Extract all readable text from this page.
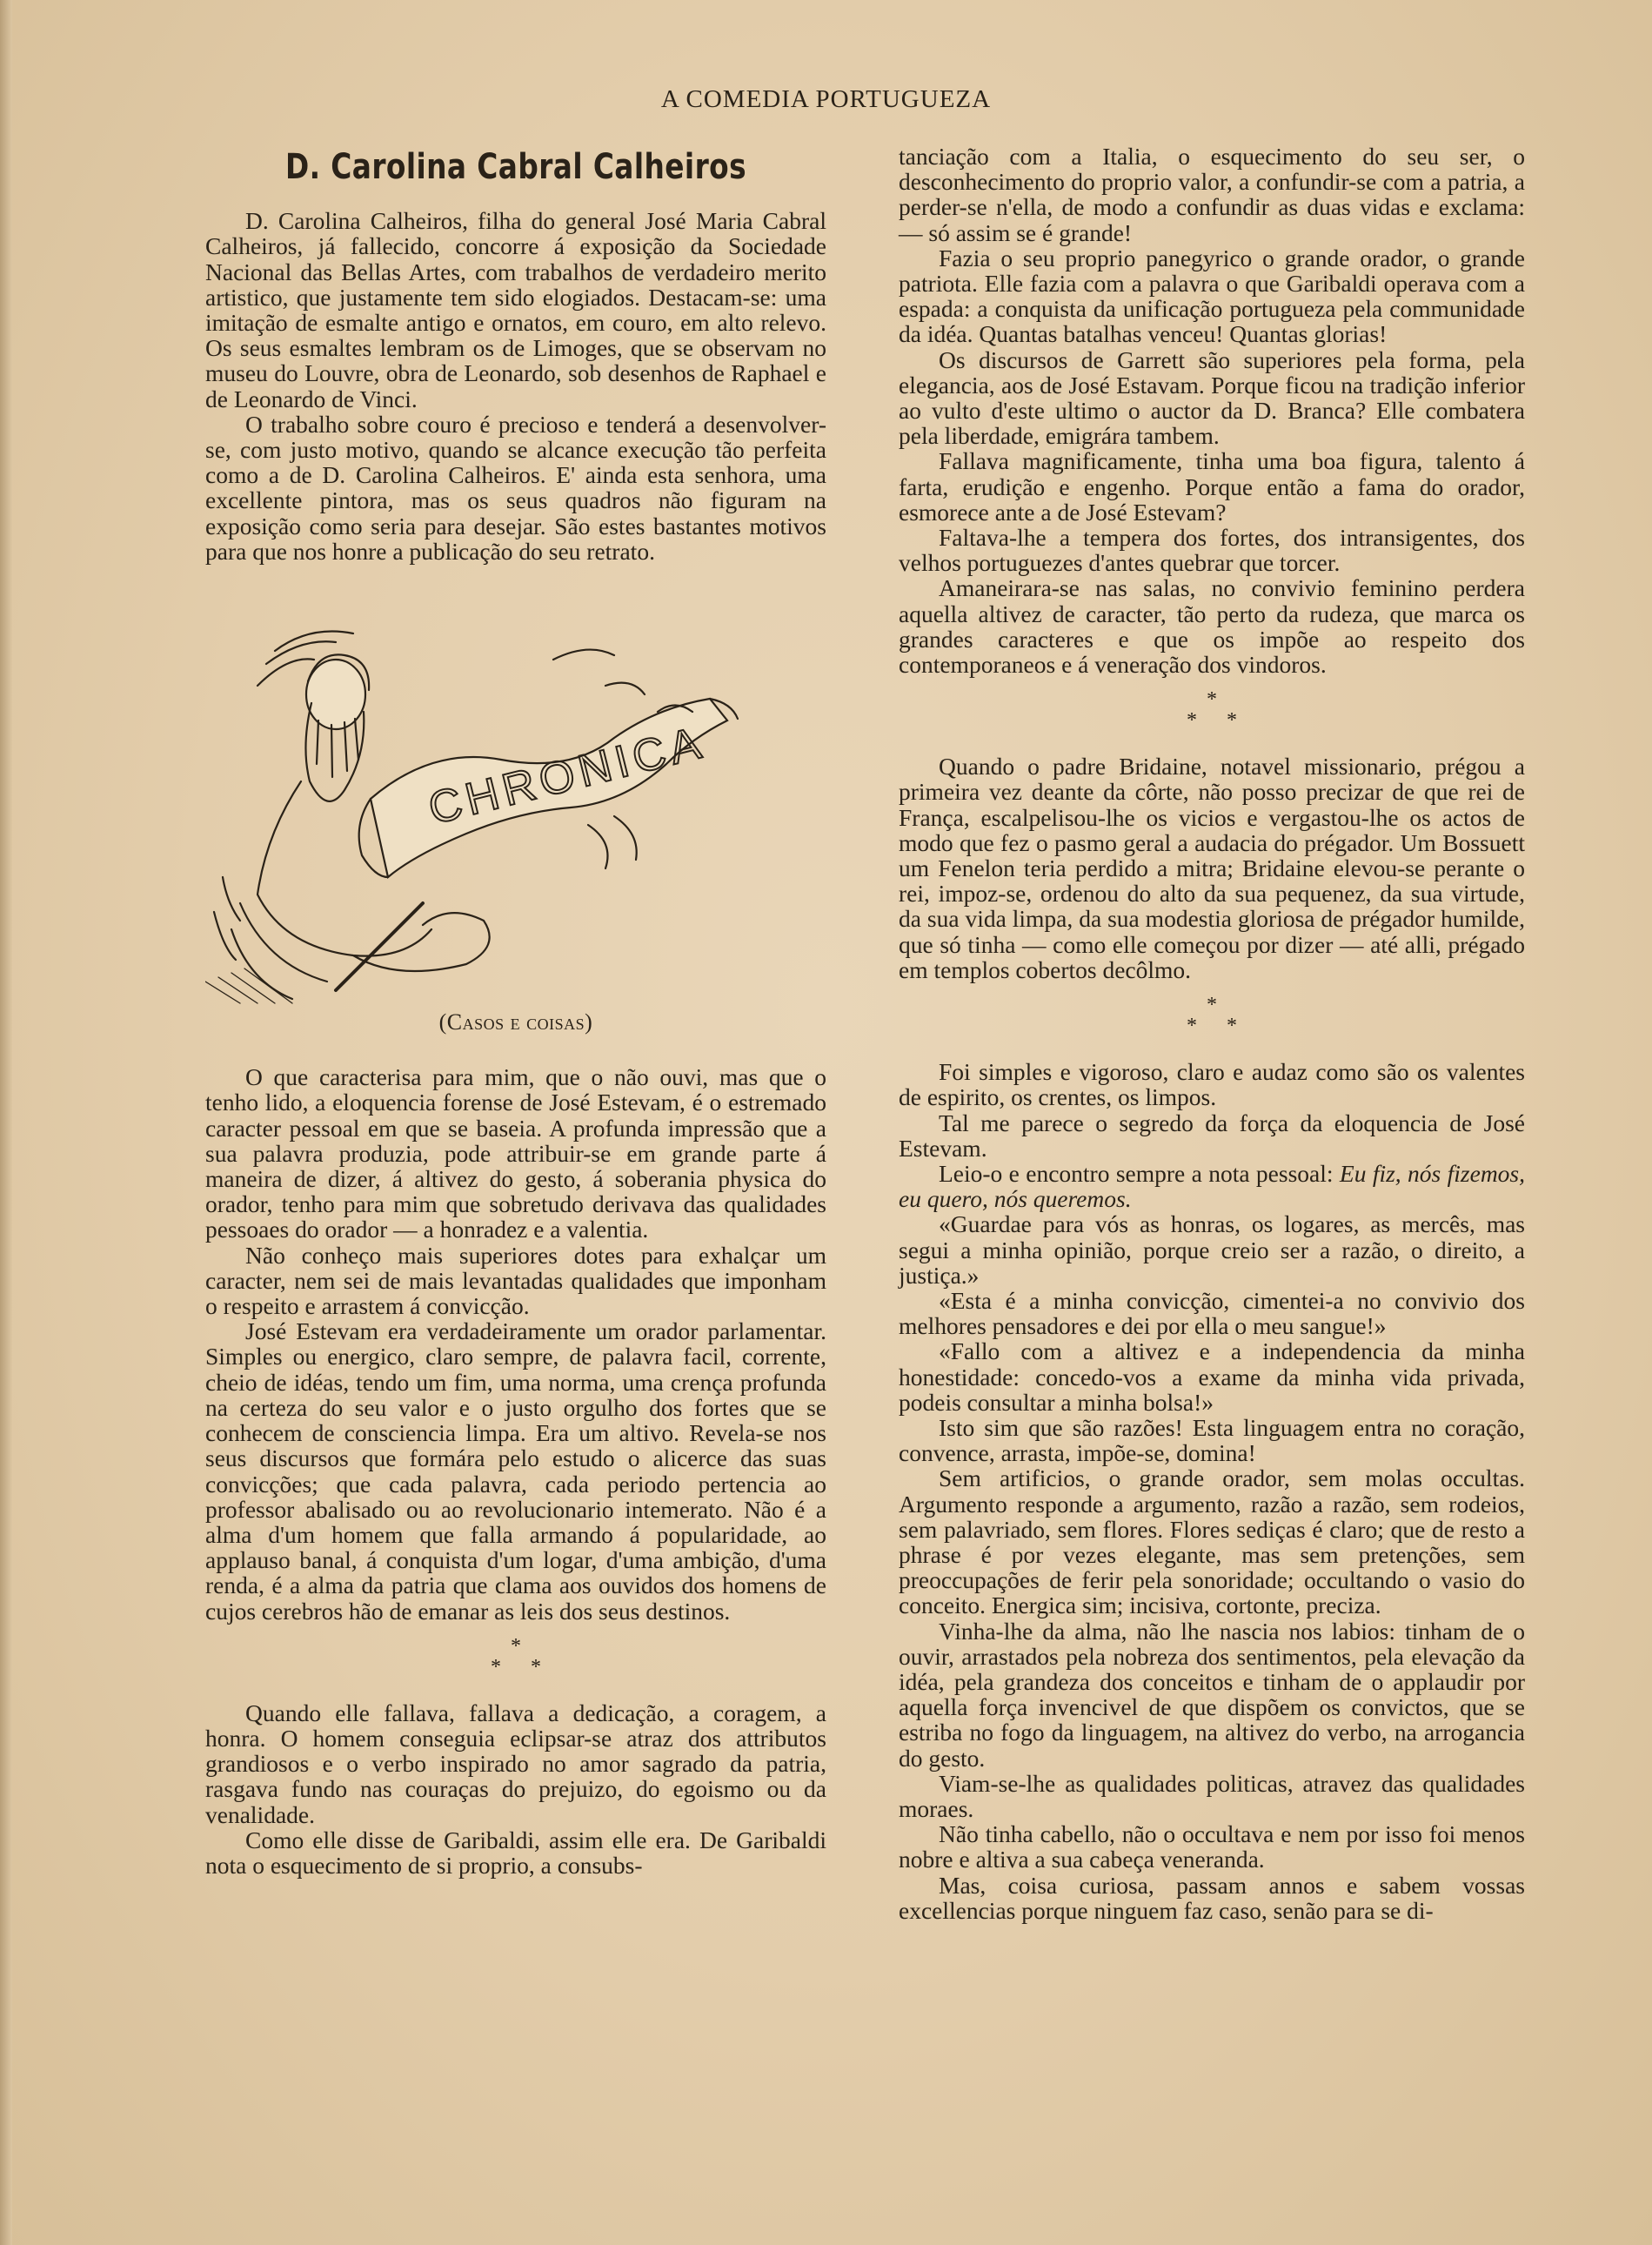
A COMEDIA PORTUGUEZA
D. Carolina Cabral Calheiros

D. Carolina Calheiros, filha do general José Maria Cabral Calheiros, já fallecido, concorre á exposição da Sociedade Nacional das Bellas Artes, com trabalhos de verdadeiro merito artistico, que justamente tem sido elogiados. Destacam-se: uma imitação de esmalte antigo e ornatos, em couro, em alto relevo. Os seus esmaltes lembram os de Limoges, que se observam no museu do Louvre, obra de Leonardo, sob desenhos de Raphael e de Leonardo de Vinci.

O trabalho sobre couro é precioso e tenderá a desenvolver-se, com justo motivo, quando se alcance execução tão perfeita como a de D. Carolina Calheiros. E' ainda esta senhora, uma excellente pintora, mas os seus quadros não figuram na exposição como seria para desejar. São estes bastantes motivos para que nos honre a publicação do seu retrato.

CHRONICA
(Casos e coisas)

O que caracterisa para mim, que o não ouvi, mas que o tenho lido, a eloquencia forense de José Estevam, é o estremado caracter pessoal em que se baseia. A profunda impressão que a sua palavra produzia, pode attribuir-se em grande parte á maneira de dizer, á altivez do gesto, á soberania physica do orador, tenho para mim que sobretudo derivava das qualidades pessoaes do orador — a honradez e a valentia.

Não conheço mais superiores dotes para exhalçar um caracter, nem sei de mais levantadas qualidades que imponham o respeito e arrastem á convicção.

José Estevam era verdadeiramente um orador parlamentar. Simples ou energico, claro sempre, de palavra facil, corrente, cheio de idéas, tendo um fim, uma norma, uma crença profunda na certeza do seu valor e o justo orgulho dos fortes que se conhecem de consciencia limpa. Era um altivo. Revela-se nos seus discursos que formára pelo estudo o alicerce das suas convicções; que cada palavra, cada periodo pertencia ao professor abalisado ou ao revolucionario intemerato. Não é a alma d'um homem que falla armando á popularidade, ao applauso banal, á conquista d'um logar, d'uma ambição, d'uma renda, é a alma da patria que clama aos ouvidos dos homens de cujos cerebros hão de emanar as leis dos seus destinos.

*
**

Quando elle fallava, fallava a dedicação, a coragem, a honra. O homem conseguia eclipsar-se atraz dos attributos grandiosos e o verbo inspirado no amor sagrado da patria, rasgava fundo nas couraças do prejuizo, do egoismo ou da venalidade.

Como elle disse de Garibaldi, assim elle era. De Garibaldi nota o esquecimento de si proprio, a consubs-

tanciação com a Italia, o esquecimento do seu ser, o desconhecimento do proprio valor, a confundir-se com a patria, a perder-se n'ella, de modo a confundir as duas vidas e exclama: — só assim se é grande!

Fazia o seu proprio panegyrico o grande orador, o grande patriota. Elle fazia com a palavra o que Garibaldi operava com a espada: a conquista da unificação portugueza pela communidade da idéa. Quantas batalhas venceu! Quantas glorias!

Os discursos de Garrett são superiores pela forma, pela elegancia, aos de José Estavam. Porque ficou na tradição inferior ao vulto d'este ultimo o auctor da D. Branca? Elle combatera pela liberdade, emigrára tambem.

Fallava magnificamente, tinha uma boa figura, talento á farta, erudição e engenho. Porque então a fama do orador, esmorece ante a de José Estevam?

Faltava-lhe a tempera dos fortes, dos intransigentes, dos velhos portuguezes d'antes quebrar que torcer.

Amaneirara-se nas salas, no convivio feminino perdera aquella altivez de caracter, tão perto da rudeza, que marca os grandes caracteres e que os impõe ao respeito dos contemporaneos e á veneração dos vindoros.

*
**

Quando o padre Bridaine, notavel missionario, prégou a primeira vez deante da côrte, não posso precizar de que rei de França, escalpelisou-lhe os vicios e vergastou-lhe os actos de modo que fez o pasmo geral a audacia do prégador. Um Bossuett um Fenelon teria perdido a mitra; Bridaine elevou-se perante o rei, impoz-se, ordenou do alto da sua pequenez, da sua virtude, da sua vida limpa, da sua modestia gloriosa de prégador humilde, que só tinha — como elle começou por dizer — até alli, prégado em templos cobertos decôlmo.

*
**

Foi simples e vigoroso, claro e audaz como são os valentes de espirito, os crentes, os limpos.

Tal me parece o segredo da força da eloquencia de José Estevam.

Leio-o e encontro sempre a nota pessoal: Eu fiz, nós fizemos, eu quero, nós queremos.

«Guardae para vós as honras, os logares, as mercês, mas segui a minha opinião, porque creio ser a razão, o direito, a justiça.»

«Esta é a minha convicção, cimentei-a no convivio dos melhores pensadores e dei por ella o meu sangue!»

«Fallo com a altivez e a independencia da minha honestidade: concedo-vos a exame da minha vida privada, podeis consultar a minha bolsa!»

Isto sim que são razões! Esta linguagem entra no coração, convence, arrasta, impõe-se, domina!

Sem artificios, o grande orador, sem molas occultas. Argumento responde a argumento, razão a razão, sem rodeios, sem palavriado, sem flores. Flores sediças é claro; que de resto a phrase é por vezes elegante, mas sem pretenções, sem preoccupações de ferir pela sonoridade; occultando o vasio do conceito. Energica sim; incisiva, cortonte, preciza.

Vinha-lhe da alma, não lhe nascia nos labios: tinham de o ouvir, arrastados pela nobreza dos sentimentos, pela elevação da idéa, pela grandeza dos conceitos e tinham de o applaudir por aquella força invencivel de que dispõem os convictos, que se estriba no fogo da linguagem, na altivez do verbo, na arrogancia do gesto.

Viam-se-lhe as qualidades politicas, atravez das qualidades moraes.

Não tinha cabello, não o occultava e nem por isso foi menos nobre e altiva a sua cabeça veneranda.

Mas, coisa curiosa, passam annos e sabem vossas excellencias porque ninguem faz caso, senão para se di-
